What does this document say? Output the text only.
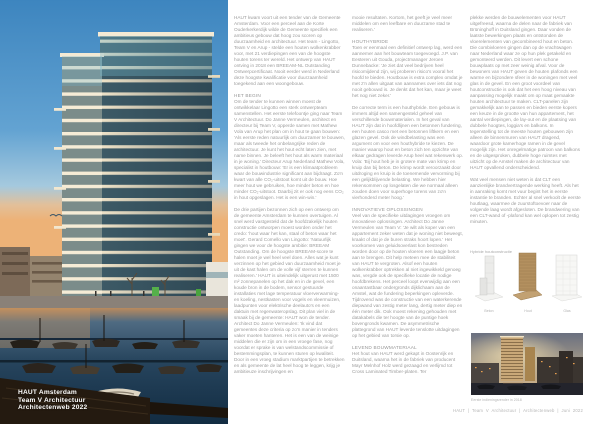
HAUT Amsterdam
Team V Architectuur
Architectenweb 2022

HAUT kwam voort uit een tender van de Gemeente Amsterdam. Voor een perceel aan de Korte Ouderkerkerdijk wilde de Gemeente specifiek een ambitieus gebouw dat hoog zou scoren op duurzaamheid en architectuur. Het team - Lingotto, Team V en Arup - stelde een houten wolkenkrabber voor, met 21 verdiepingen een van de hoogste houten torens ter wereld. Het ontwerp van HAUT ontving in 2018 een BREEAM-NL Outstanding Ontwerpcertificaat. Nooit eerder werd in Nederland deze hoogste kwalificatie voor duurzaamheid toegekend aan een woongebouw.

HET BEGIN

Om de tender te kunnen winnen moest de ontwikkelaar Lingotto een sterk ontwerpteam samenstellen. Het eerste telefoontje ging naar Team V Architectuur. Do Janne Vermeulen, architect en directeur bij Team V, opperde samen met Mathew Vola van Arup het plan om in hout te gaan bouwen: 'Als eerste reden natuurlijk om duurzamer te bouwen, maar als tweede het onbelangrijke reden de architectuur. Je kunt het hout echt laten zien, met name binnen. Je beleeft het hout als warm materiaal in je woning.' Directeur Arup Nederland Mathew Vola, specialist in houtbouw: 'Er is een klimaatprobleem waar de bouwindustrie significant aan bijdraagt. Zo'n kwart van alle CO₂-uitstoot komt uit de bouw. Hoe meer hout we gebruiken, hoe minder beton en hoe minder CO₂-uitstoot. Daarbij zit er ook nog eens CO₂ in hout opgeslagen. Het is een win-win.'

De drie partijen bezonnen zich op een ontwerp om de gemeente Amsterdam te kunnen overtuigen. Al snel werd vastgesteld dat de hoofdzakelijk houten constructie ontworpen moest worden onder het credo: 'hout waar het kan, staal of beton waar het moet'. Gerard Comello van Lingotto: 'Natuurlijk gingen we voor de hoogste ambitie: BREEAM Outstanding. Om de hoogste BREEAM-score te halen moet je wel heel veel doen. Alles wat je kunt verzinnen op het gebied van duurzaamheid moet je uit de kast halen om de volle vijf sterren te kunnen realiseren.' HAUT is uiteindelijk uitgerust met 1500 m² zonnepanelen op het dak en in de gevel, een koude bron in de bodem, sensor gestuurde installaties met lage temperatuur vloerverwarming- en koeling, nestkasten voor vogels en vleermuizen, laadpunten voor elektrische deelauto's en een daktuin met regenwateropslag. Dit plan viel in de smaak bij de gemeente: HAUT won de tender. Architect Do Janne Vermeulen: 'Ik vind dat gemeentes deze criteria op zo'n manier in tenders vaker moeten hanteren. Het is een van de weinige middelen die er zijn om in een vroege fase, nog voordat er sprake is van welstandscommissie of bestemmingsplan, te kunnen sturen op kwaliteit. Door in een vroeg stadium marktpartijen te betrekken en als gemeente de lat heel hoog te leggen, krijg je ambitieuze inschrijvingen en

mooie resultaten. Kortom, het geeft je veel meer middelen om een leefbare en duurzame stad te realiseren.'

HOUTHYBRIDE

Toen er eenmaal een definitief ontwerp lag, werd een aannemer aan het bouwteam toegevoegd. J.P. van Eesteren uit Gouda, projectmanager Jeroen Dunnebacke: 'Je ziet dat veel bedrijven heel risicomijdend zijn, wij proberen risico's vooral het hoofd te bieden. Houtbouw is extra complex omdat je met z'n allen uitgaat van aannames over iets dat nog nooit gebouwd is. Je denkt dat het kan, maar je weet het nog niet zeker.'

De correcte term is een houthybride. Een gebouw is immers altijd een samengesteld geheel van verschillende bouwmaterialen. In het geval van HAUT zijn dat in hoofdlijnen een betonnen fundering, een houten casco met een betonnen liftkern en een glazen gevel. Ook de windbelasting was een argument om voor een houthybride te kiezen. De manier waarop hout en beton zich ten opzichte van elkaar gedragen leverde Arup heel wat rekenwerk op. Vola: 'Bij hout heb je in grotere mate van krimp en kruip dan bij beton. De krimp wordt veroorzaakt door uitdroging en kruip is de toenemende vervorming bij een gelijkblijvende belasting. We hebben hier rekensommen op losgelaten die we normaal alleen zouden doen voor superhoge torens van zo'n vierhonderd meter hoog.'

INNOVATIEVE OPLOSSINGEN

Veel van de specifieke uitdagingen vroegen om innovatieve oplossingen. Architect Do Janne Vermeulen van Team V: 'Je wilt als koper van een appartement zeker weten dat je woning niet beweegt, kraakt of dat je de buren straks hoort lopen.' Het voorkomen van geluidsoverlast kon bestreden worden door op de houten vloeren een laagje beton aan te brengen. Dit help meteen mee de stabiliteit van HAUT te vergroten. Alsof een houten wolkenkrabber optrekken al niet ingewikkeld genoeg was, vergde ook de specifieke locatie de nodige hoofdbrekens. Het perceel loopt evenwijdig aan een onaantastbaar ondergronds dijklichaam aan de Amstel, wat de fundering beperkingen opleverde. Tijdrovend was de constructie van een waterkerende diepwand van zestig meter lang, dertig meter diep en één meter dik. Ook moest rekening gehouden met datakabels die ter hoogte van de puntige hoek bovengronds kwamen. De asymmetrische plattegrond van HAUT leverde tenslotte uitdagingen op het gebied van torsie op.

LEVEND BOUWMATERIAAL

Het hout van HAUT werd gekapt in Oostenrijk en Duitsland, waarna het in de fabriek van producent Mayr Melnhof Holz werd gezaagd en verlijmd tot Cross Laminated Timber-platen. Ter

plekke werden de bouwelementen voor HAUT uitgefreesd, waarna de delen naar de fabriek van Brüninghoff in Duitsland gingen. Daar vonden de laatste bewerkingen plaats en ontstonden de vloerelementen van gecombineerd hout en beton. Die combivloeren gingen dan op de vrachtwagen naar Nederland waar ze op hun plek getakeld en gemonteerd werden. Dit levert een schone bouwplaats op met zeer weinig afval. Voor de bewoners van HAUT geven de houten plafonds een warme en bijzondere sfeer in de woningen met veel glas in de gevel. En een groot voordeel van houtconstructie is ook dat het een hoog niveau van aanpassing mogelijk maakt om op maat gemaakte houten architectuur te maken. CLT-panelen zijn gemakkelijk aan te passen en bieden eerste kopers een keuze in de grootte van hun appartement, het aantal verdiepingen, de lay-out en de plaatsing van dubbele hoogtes, loggia's en balkons. In tegenstelling tot de meeste houten gebouwen zijn alleen de binnenmuren van HAUT dragend, waardoor grote kamerhoge ramen in de gevel mogelijk zijn. Het onregelmatige patroon van balkons en de uitgesproken, dubbele hoge ruimtes met uitzicht op de Amstel maken de architectuur van HAUT opvallend onderscheidend.

Wat veel mensen niet weten is dat CLT een aanzienlijke brandvertragende werking heeft. Als het in aanraking komt met vuur begint het in eerste instantie te branden. Echter al snel verkoolt de eerste houtlaag, waarmee de zuurstoftoevoer naar de volgende laag wordt afgesloten. De brandwering van een CLT-wand of -plafond kan wel oplopen tot zestig minuten.

Hybride houtconstructie
Beton	Hout	Glas
Eerste indieningsrender in 2018
HAUT | Team V Architectuur | Architectenweb | Juni 2022
